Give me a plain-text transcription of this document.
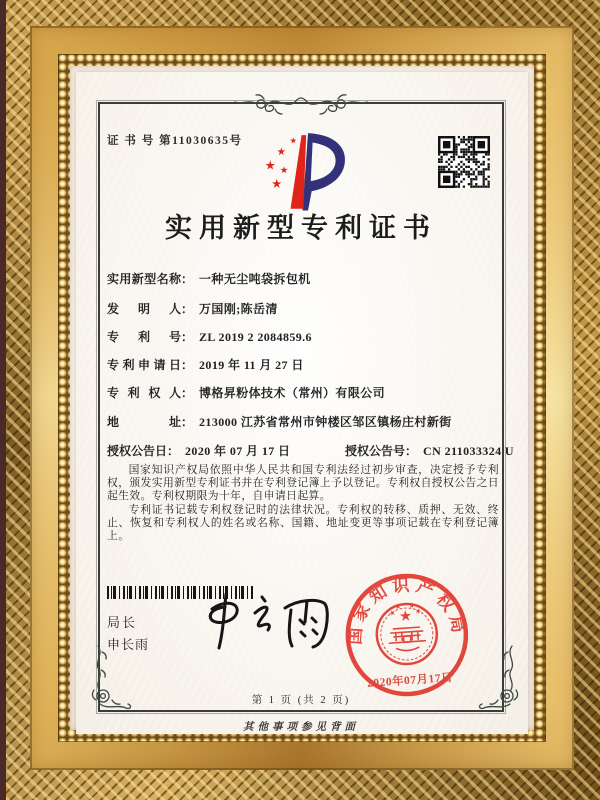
证 书 号 第11030635号
实用新型专利证书
实用新型名称： 一种无尘吨袋拆包机
发明人： 万国刚;陈岳清
专利号： ZL 2019 2 2084859.6
专利申请日： 2019 年 11 月 27 日
专利权人： 博格昇粉体技术（常州）有限公司
地址： 213000 江苏省常州市钟楼区邹区镇杨庄村新街
授权公告日： 2020 年 07 月 17 日	授权公告号： CN 211033324 U

国家知识产权局依照中华人民共和国专利法经过初步审查，决定授予专利权，颁发实用新型专利证书并在专利登记簿上予以登记。专利权自授权公告之日起生效。专利权期限为十年，自申请日起算。

专利证书记载专利权登记时的法律状况。专利权的转移、质押、无效、终止、恢复和专利权人的姓名或名称、国籍、地址变更等事项记载在专利登记簿上。

局长
申长雨	国家知识产权局
2020年07月17日
第 1 页 (共 2 页)
其他事项参见背面
